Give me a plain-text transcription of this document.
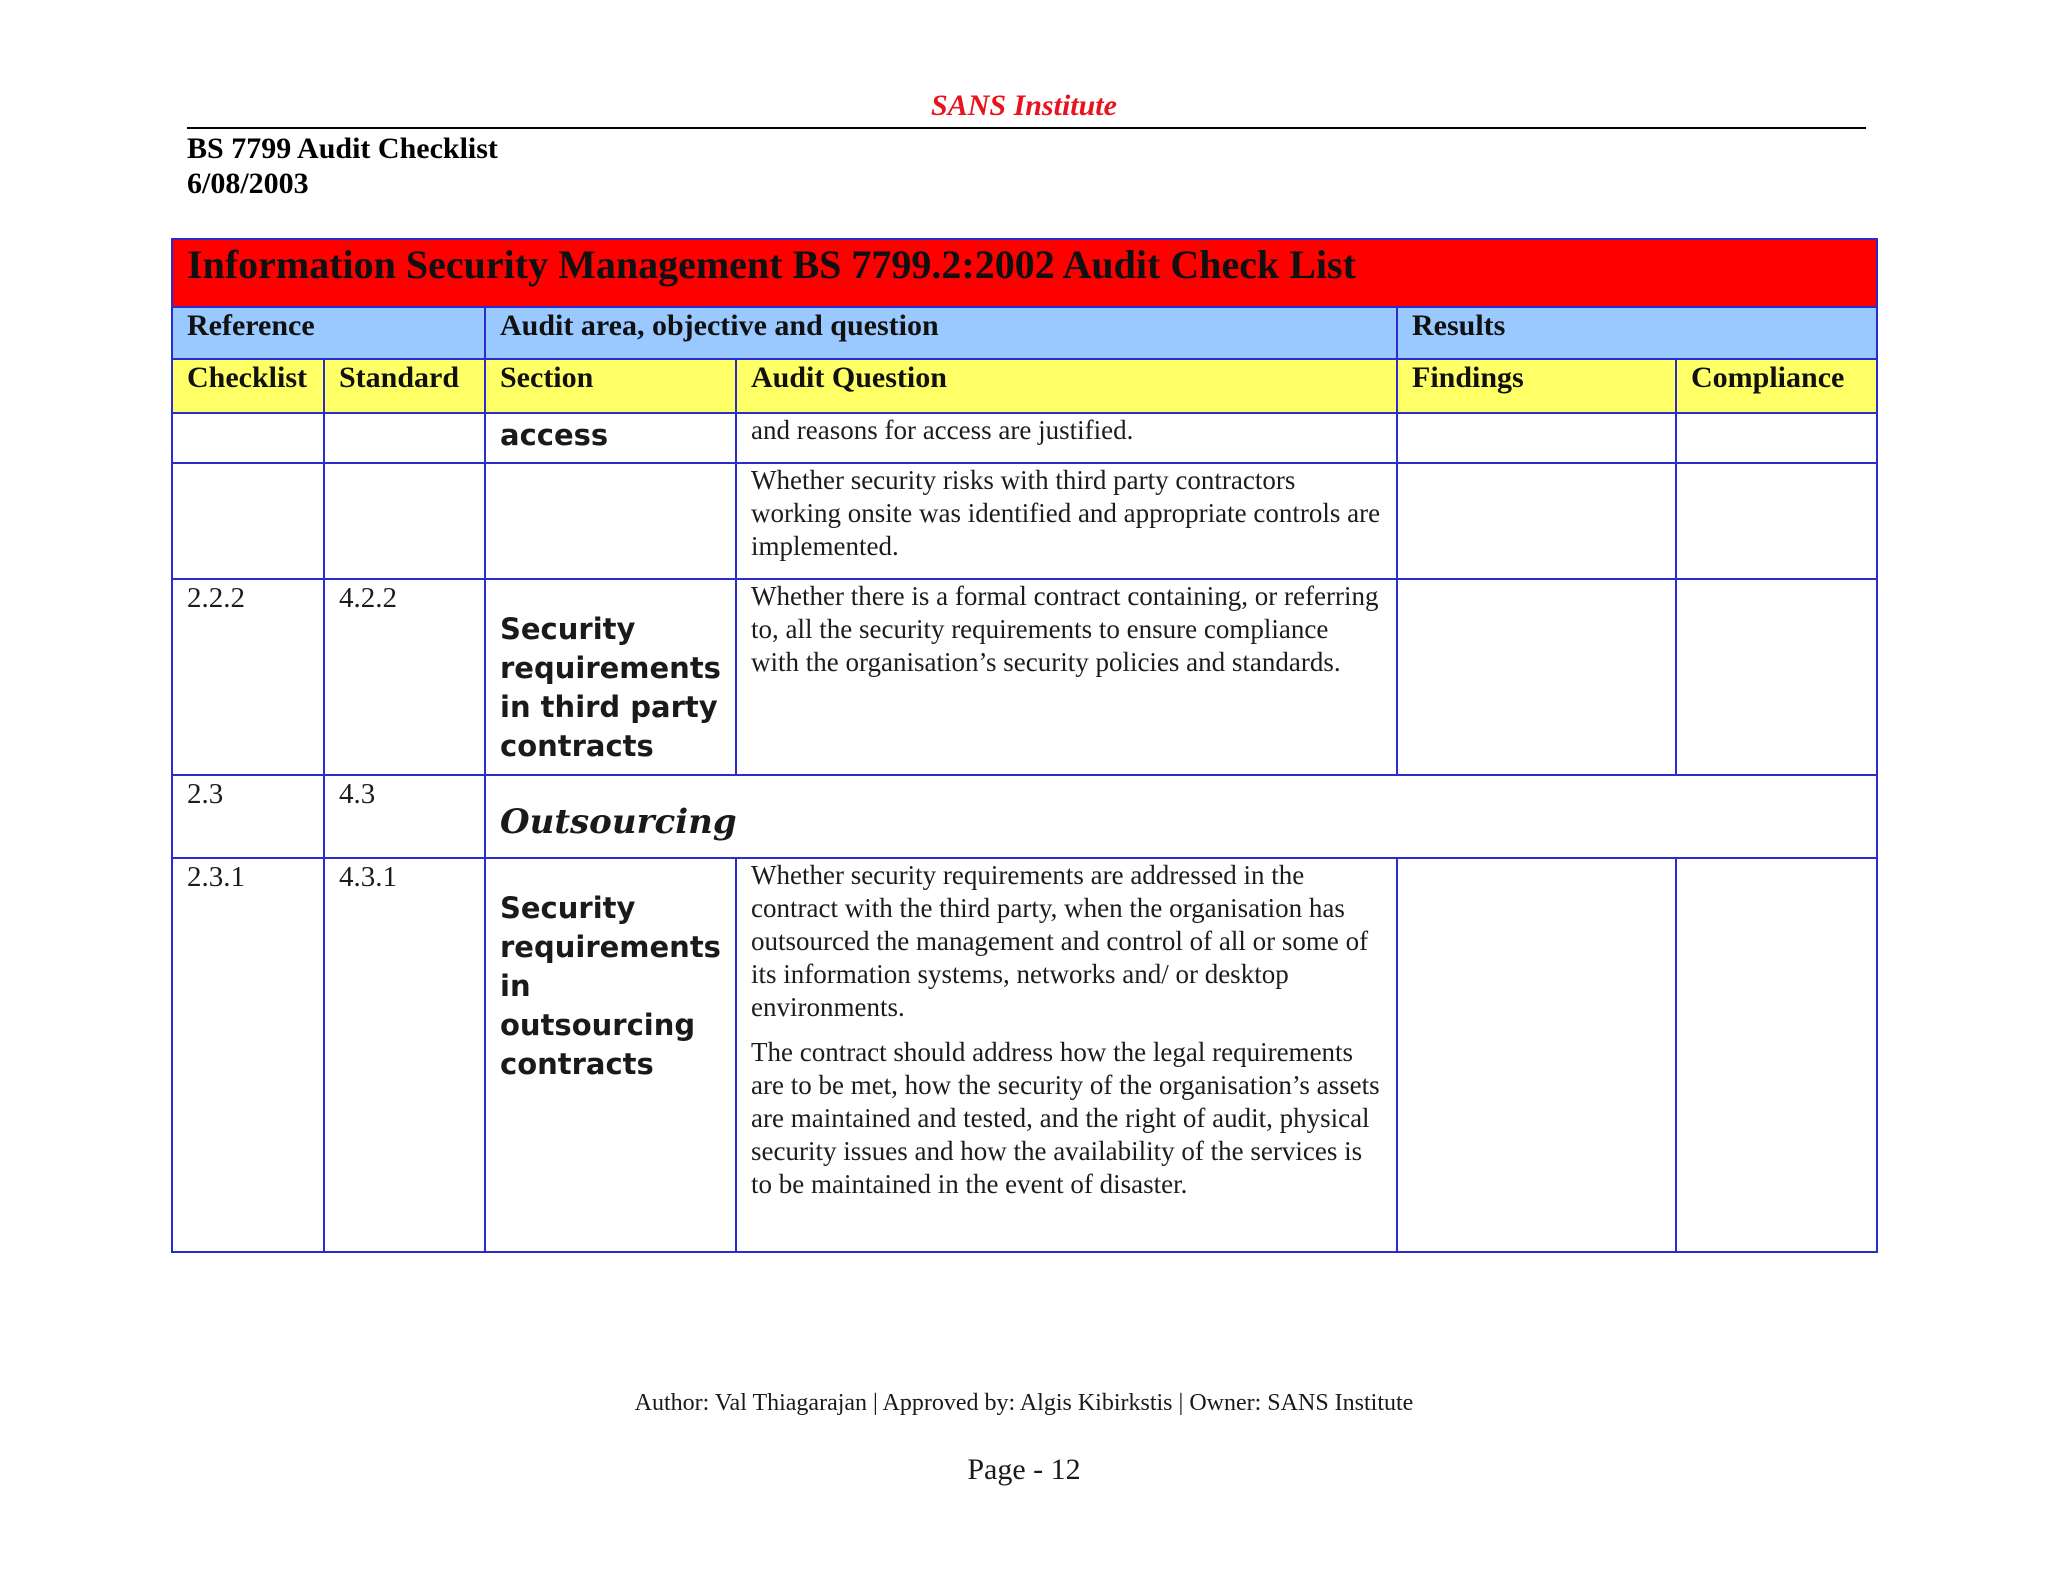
SANS Institute
BS 7799 Audit Checklist
6/08/2003
Information Security Management BS 7799.2:2002 Audit Check List					
Reference		Audit area, objective and question		Results	
Checklist	Standard	Section	Audit Question	Findings	Compliance
		access	and reasons for access are justified.		

			Whether security risks with third party contractors working onsite was identified and appropriate controls are implemented.		

2.2.2	4.2.2	Security requirements in third party contracts	Whether there is a formal contract containing, or referring to, all the security requirements to ensure compliance with the organisation’s security policies and standards.		

2.3	4.3	Outsourcing			
2.3.1	4.3.1	Security requirements in outsourcing contracts	Whether security requirements are addressed in the contract with the third party, when the organisation has outsourced the management and control of all or some of its information systems, networks and/ or desktop environments.
The contract should address how the legal requirements are to be met, how the security of the organisation’s assets are maintained and tested, and the right of audit, physical security issues and how the availability of the services is to be maintained in the event of disaster.		

Author: Val Thiagarajan | Approved by: Algis Kibirkstis | Owner: SANS Institute
Page - 12
